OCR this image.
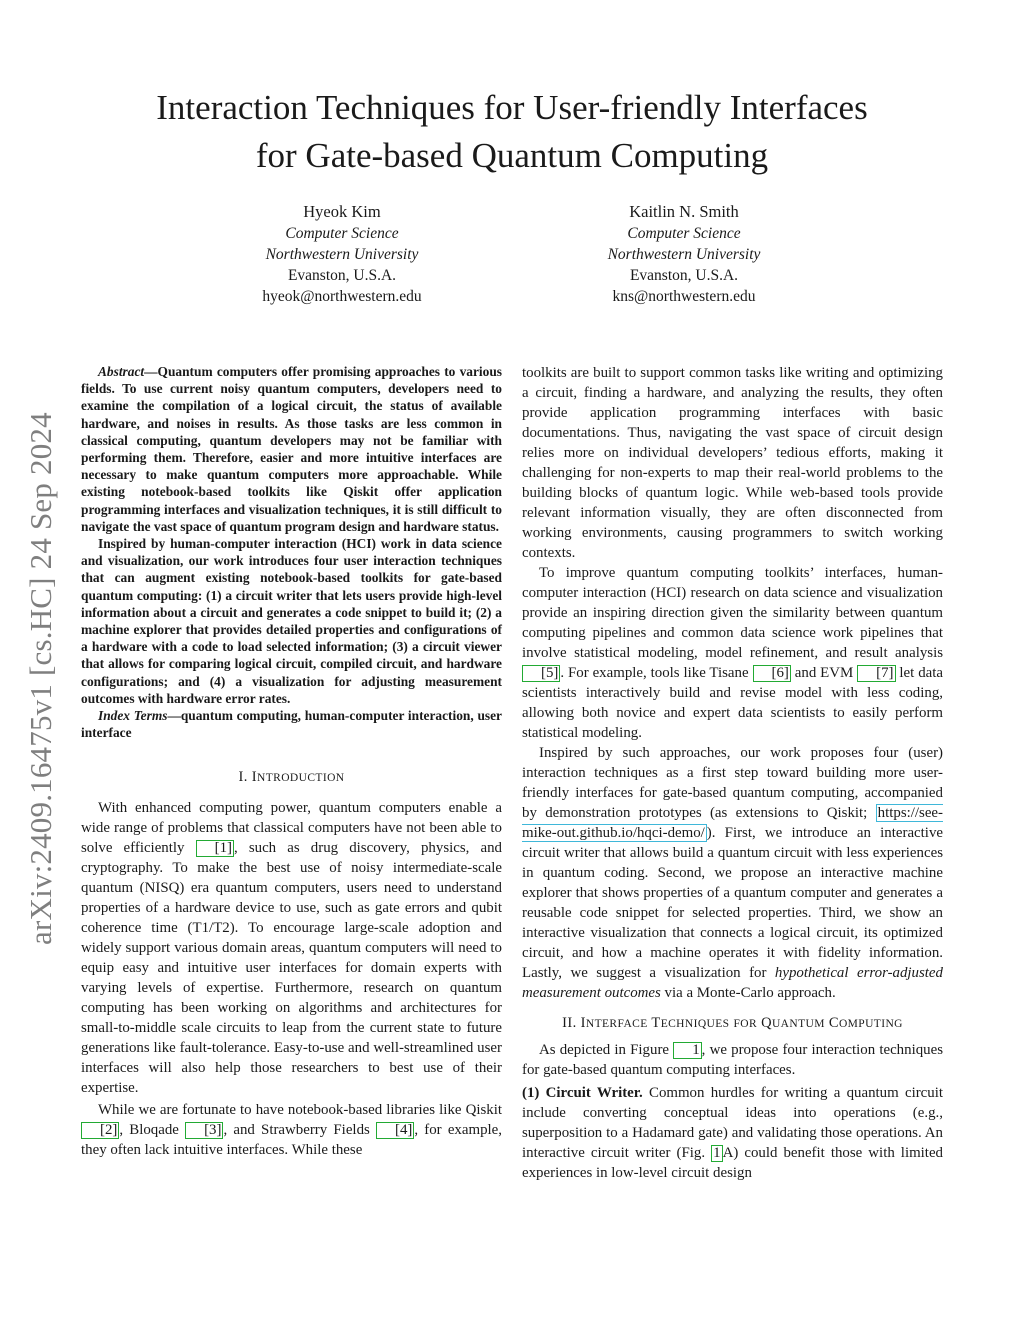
Interaction Techniques for User-friendly Interfaces
for Gate-based Quantum Computing
Hyeok Kim
Computer Science
Northwestern University
Evanston, U.S.A.
hyeok@northwestern.edu
Kaitlin N. Smith
Computer Science
Northwestern University
Evanston, U.S.A.
kns@northwestern.edu
arXiv:2409.16475v1 [cs.HC] 24 Sep 2024

Abstract—Quantum computers offer promising approaches to various fields. To use current noisy quantum computers, developers need to examine the compilation of a logical circuit, the status of available hardware, and noises in results. As those tasks are less common in classical computing, quantum developers may not be familiar with performing them. Therefore, easier and more intuitive interfaces are necessary to make quantum computers more approachable. While existing notebook-based toolkits like Qiskit offer application programming interfaces and visualization techniques, it is still difficult to navigate the vast space of quantum program design and hardware status.

Inspired by human-computer interaction (HCI) work in data science and visualization, our work introduces four user interaction techniques that can augment existing notebook-based toolkits for gate-based quantum computing: (1) a circuit writer that lets users provide high-level information about a circuit and generates a code snippet to build it; (2) a machine explorer that provides detailed properties and configurations of a hardware with a code to load selected information; (3) a circuit viewer that allows for comparing logical circuit, compiled circuit, and hardware configurations; and (4) a visualization for adjusting measurement outcomes with hardware error rates.

Index Terms—quantum computing, human-computer interaction, user interface

I. INTRODUCTION

With enhanced computing power, quantum computers enable a wide range of problems that classical computers have not been able to solve efficiently [1] , such as drug discovery, physics, and cryptography. To make the best use of noisy intermediate-scale quantum (NISQ) era quantum computers, users need to understand properties of a hardware device to use, such as gate errors and qubit coherence time (T1/T2). To encourage large-scale adoption and widely support various domain areas, quantum computers will need to equip easy and intuitive user interfaces for domain experts with varying levels of expertise. Furthermore, research on quantum computing has been working on algorithms and architectures for small-to-middle scale circuits to leap from the current state to future generations like fault-tolerance. Easy-to-use and well-streamlined user interfaces will also help those researchers to best use of their expertise.

While we are fortunate to have notebook-based libraries like Qiskit [2] , Bloqade [3] , and Strawberry Fields [4] , for example, they often lack intuitive interfaces. While these

toolkits are built to support common tasks like writing and optimizing a circuit, finding a hardware, and analyzing the results, they often provide application programming interfaces with basic documentations. Thus, navigating the vast space of circuit design relies more on individual developers’ tedious efforts, making it challenging for non-experts to map their real-world problems to the building blocks of quantum logic. While web-based tools provide relevant information visually, they are often disconnected from working environments, causing programmers to switch working contexts.

To improve quantum computing toolkits’ interfaces, human-computer interaction (HCI) research on data science and visualization provide an inspiring direction given the similarity between quantum computing pipelines and common data science work pipelines that involve statistical modeling, model refinement, and result analysis [5] . For example, tools like Tisane [6] and EVM [7] let data scientists interactively build and revise model with less coding, allowing both novice and expert data scientists to easily perform statistical modeling.

Inspired by such approaches, our work proposes four (user) interaction techniques as a first step toward building more user-friendly interfaces for gate-based quantum computing, accompanied by demonstration prototypes (as extensions to Qiskit; https://see-mike-out.github.io/hqci-demo/ ). First, we introduce an interactive circuit writer that allows build a quantum circuit with less experiences in quantum coding. Second, we propose an interactive machine explorer that shows properties of a quantum computer and generates a reusable code snippet for selected properties. Third, we show an interactive visualization that connects a logical circuit, its optimized circuit, and how a machine operates it with fidelity information. Lastly, we suggest a visualization for hypothetical error-adjusted measurement outcomes via a Monte-Carlo approach.

II. INTERFACE TECHNIQUES FOR QUANTUM COMPUTING

As depicted in Figure 1 , we propose four interaction techniques for gate-based quantum computing interfaces.

(1) Circuit Writer. Common hurdles for writing a quantum circuit include converting conceptual ideas into operations (e.g., superposition to a Hadamard gate) and validating those operations. An interactive circuit writer (Fig. 1 A) could benefit those with limited experiences in low-level circuit design
